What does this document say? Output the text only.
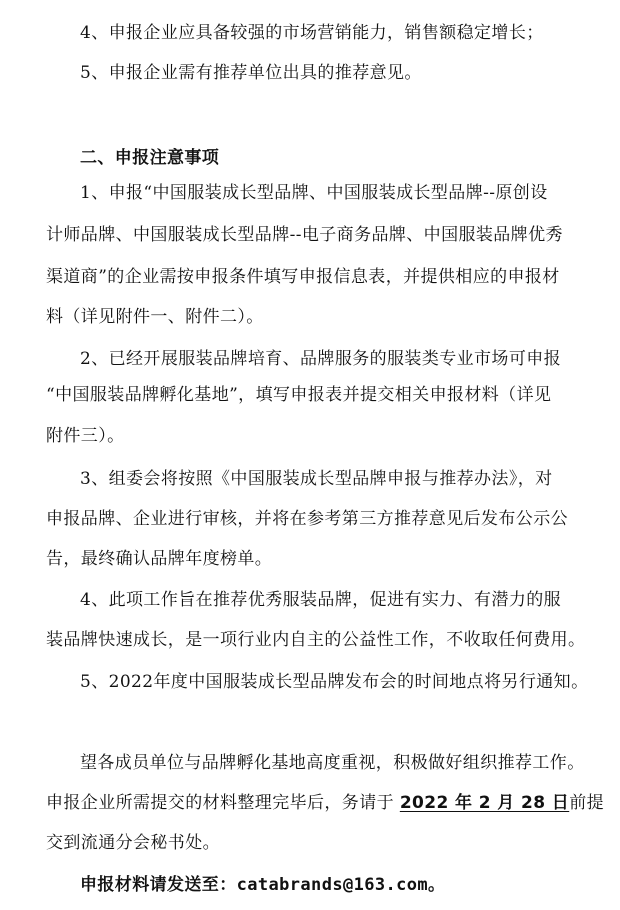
4、申报企业应具备较强的市场营销能力，销售额稳定增长；
5、申报企业需有推荐单位出具的推荐意见。
二、申报注意事项
1、申报“中国服装成长型品牌、中国服装成长型品牌--原创设
计师品牌、中国服装成长型品牌--电子商务品牌、中国服装品牌优秀
渠道商”的企业需按申报条件填写申报信息表，并提供相应的申报材
料（详见附件一、附件二）。
2、已经开展服装品牌培育、品牌服务的服装类专业市场可申报
“中国服装品牌孵化基地”，填写申报表并提交相关申报材料（详见
附件三）。
3、组委会将按照《中国服装成长型品牌申报与推荐办法》，对
申报品牌、企业进行审核，并将在参考第三方推荐意见后发布公示公
告，最终确认品牌年度榜单。
4、此项工作旨在推荐优秀服装品牌，促进有实力、有潜力的服
装品牌快速成长，是一项行业内自主的公益性工作，不收取任何费用。
5、2022年度中国服装成长型品牌发布会的时间地点将另行通知。
望各成员单位与品牌孵化基地高度重视，积极做好组织推荐工作。
申报企业所需提交的材料整理完毕后，务请于 2022 年 2 月 28 日前提
交到流通分会秘书处。
申报材料请发送至：catabrands@163.com。
